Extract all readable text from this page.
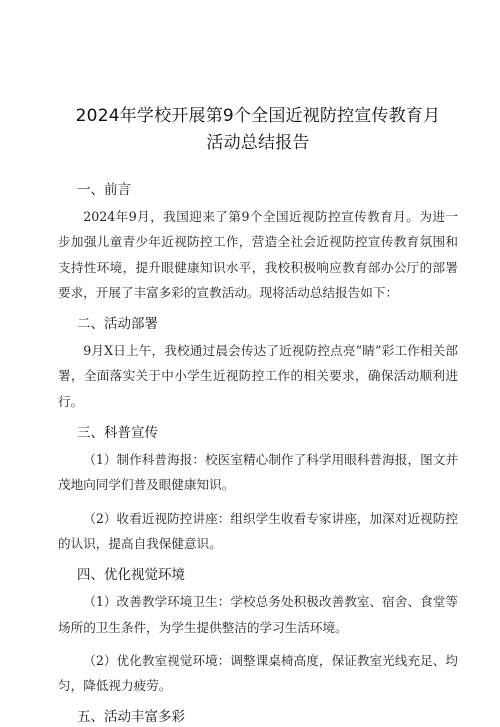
2024年学校开展第9个全国近视防控宣传教育月
活动总结报告
一、前言

2024年9月，我国迎来了第9个全国近视防控宣传教育月。为进一步加强儿童青少年近视防控工作，营造全社会近视防控宣传教育氛围和支持性环境，提升眼健康知识水平，我校积极响应教育部办公厅的部署要求，开展了丰富多彩的宣教活动。现将活动总结报告如下：

二、活动部署

9月X日上午，我校通过晨会传达了近视防控点亮“睛”彩工作相关部署，全面落实关于中小学生近视防控工作的相关要求，确保活动顺利进行。

三、科普宣传

（1）制作科普海报：校医室精心制作了科学用眼科普海报，图文并茂地向同学们普及眼健康知识。

（2）收看近视防控讲座：组织学生收看专家讲座，加深对近视防控的认识，提高自我保健意识。

四、优化视觉环境

（1）改善教学环境卫生：学校总务处积极改善教室、宿舍、食堂等场所的卫生条件，为学生提供整洁的学习生活环境。

（2）优化教室视觉环境：调整课桌椅高度，保证教室光线充足、均匀，降低视力疲劳。

五、活动丰富多彩
